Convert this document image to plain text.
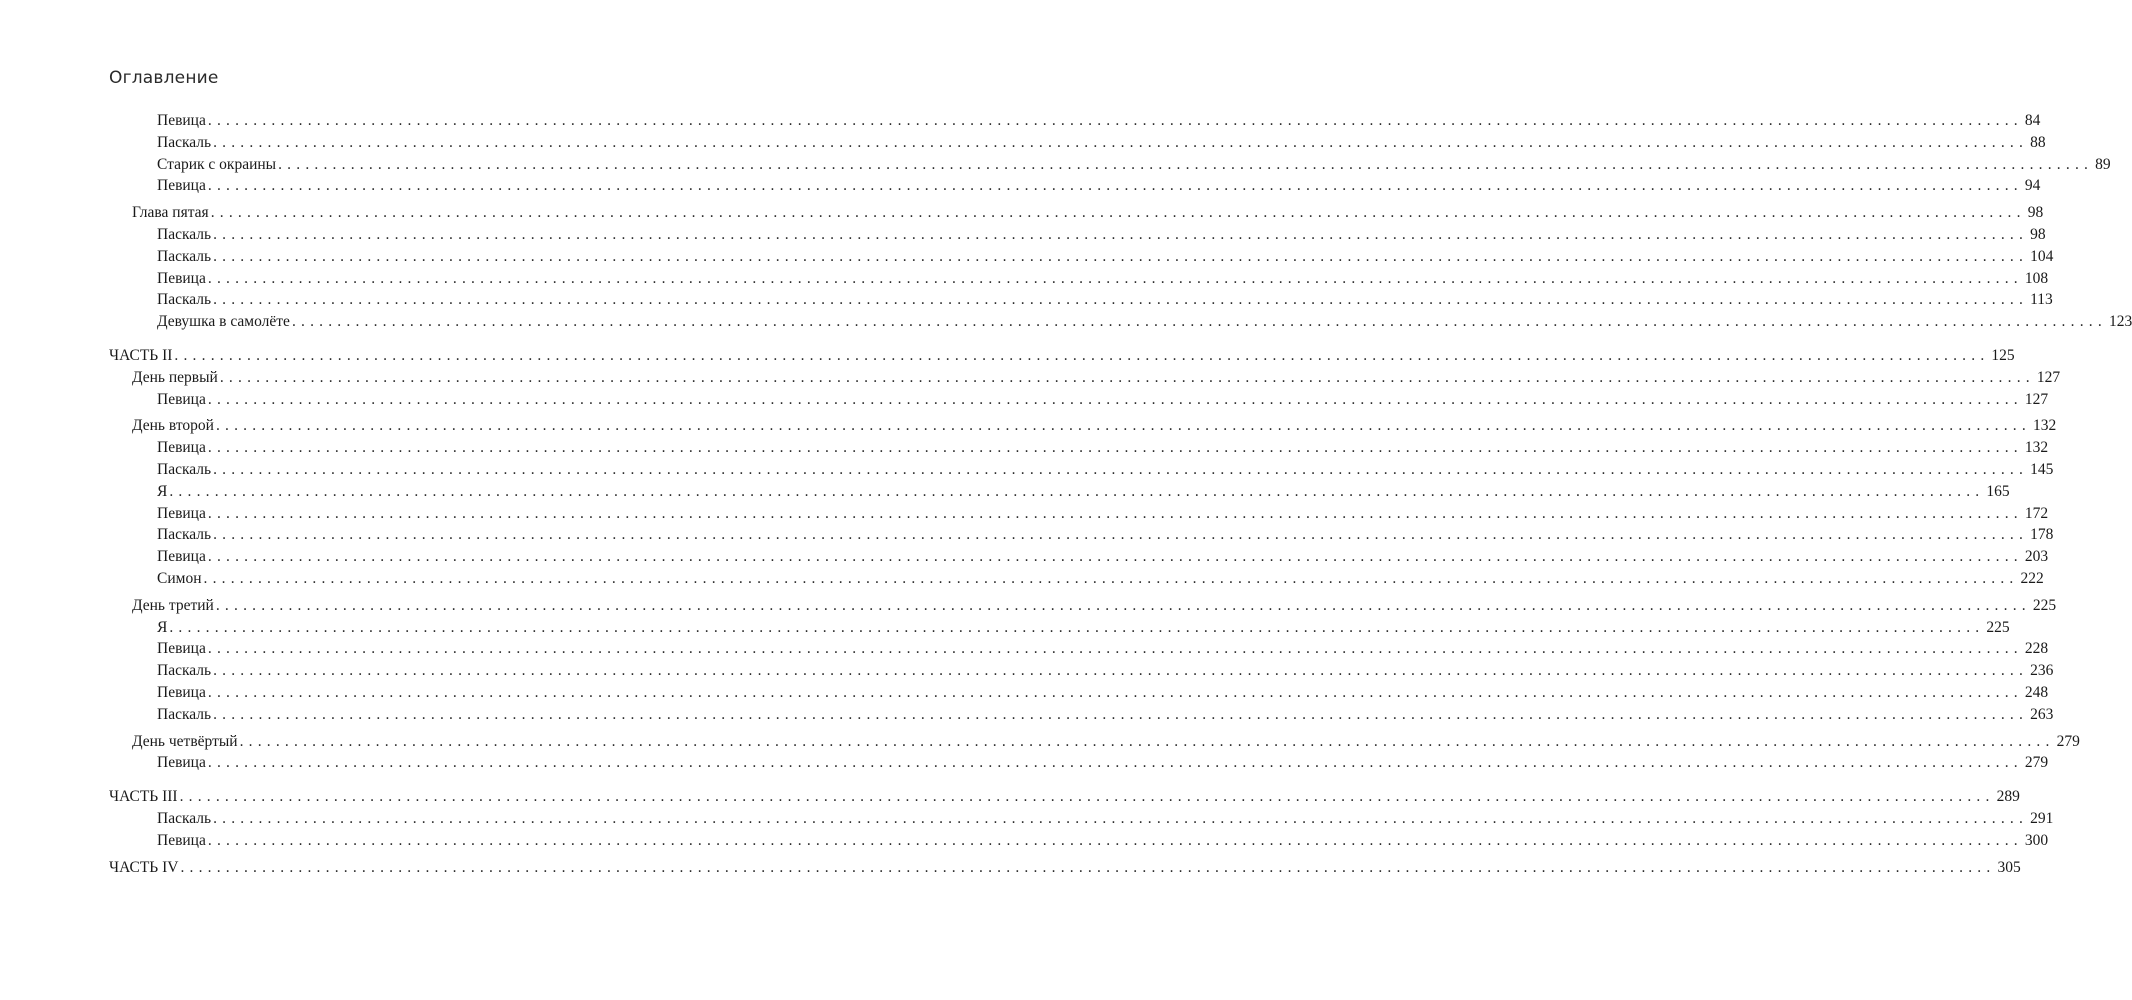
Оглавление
Певица ........................................................................................................................................................................................................ 84
Паскаль ........................................................................................................................................................................................................ 88
Старик с окраины ........................................................................................................................................................................................................ 89
Певица ........................................................................................................................................................................................................ 94
Глава пятая ........................................................................................................................................................................................................ 98
Паскаль ........................................................................................................................................................................................................ 98
Паскаль ........................................................................................................................................................................................................ 104
Певица ........................................................................................................................................................................................................ 108
Паскаль ........................................................................................................................................................................................................ 113
Девушка в самолёте ........................................................................................................................................................................................................ 123
ЧАСТЬ II ........................................................................................................................................................................................................ 125
День первый ........................................................................................................................................................................................................ 127
Певица ........................................................................................................................................................................................................ 127
День второй ........................................................................................................................................................................................................ 132
Певица ........................................................................................................................................................................................................ 132
Паскаль ........................................................................................................................................................................................................ 145
Я ........................................................................................................................................................................................................ 165
Певица ........................................................................................................................................................................................................ 172
Паскаль ........................................................................................................................................................................................................ 178
Певица ........................................................................................................................................................................................................ 203
Симон ........................................................................................................................................................................................................ 222
День третий ........................................................................................................................................................................................................ 225
Я ........................................................................................................................................................................................................ 225
Певица ........................................................................................................................................................................................................ 228
Паскаль ........................................................................................................................................................................................................ 236
Певица ........................................................................................................................................................................................................ 248
Паскаль ........................................................................................................................................................................................................ 263
День четвёртый ........................................................................................................................................................................................................ 279
Певица ........................................................................................................................................................................................................ 279
ЧАСТЬ III ........................................................................................................................................................................................................ 289
Паскаль ........................................................................................................................................................................................................ 291
Певица ........................................................................................................................................................................................................ 300
ЧАСТЬ IV ........................................................................................................................................................................................................ 305
